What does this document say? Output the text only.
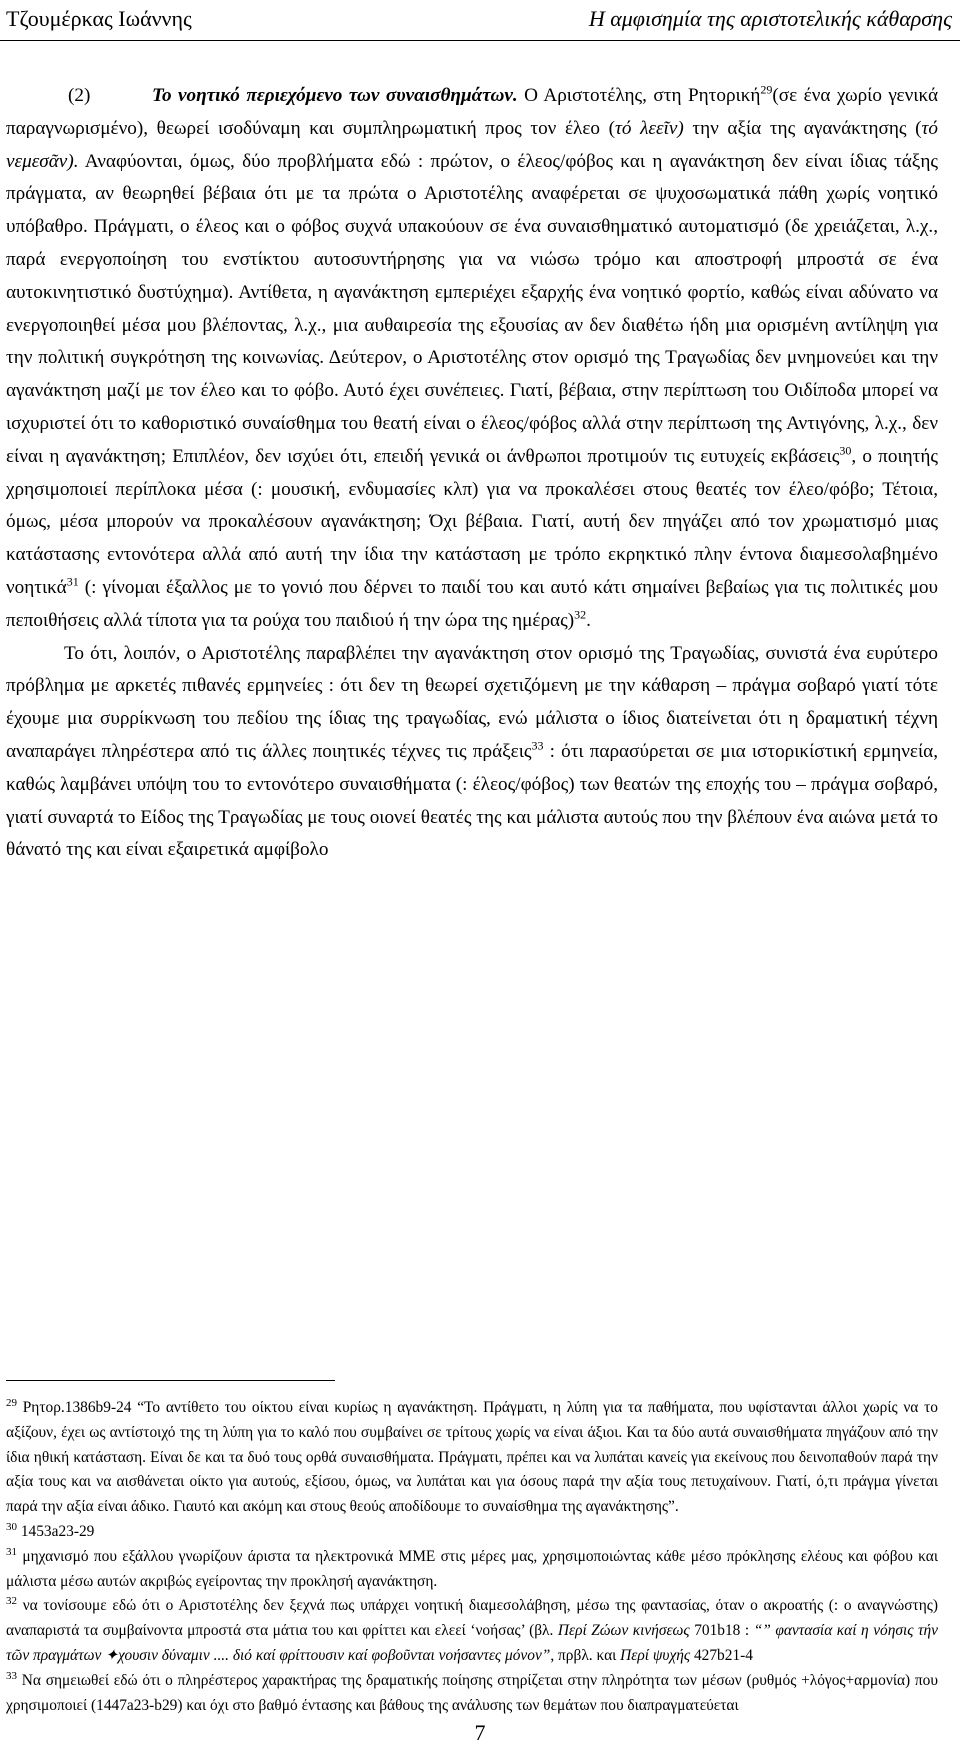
Τζουμέρκας Ιωάννης	Η αμφισημία της αριστοτελικής κάθαρσης

(2)	Το νοητικό περιεχόμενο των συναισθημάτων. Ο Αριστοτέλης, στη Ρητορική$^{29}$(σε ένα χωρίο γενικά παραγνωρισμένο), θεωρεί ισοδύναμη και συμπληρωματική προς τον έλεο (τό λεεῖν) την αξία της αγανάκτησης (τό νεμεσᾶν). Αναφύονται, όμως, δύο προβλήματα εδώ : πρώτον, ο έλεος/φόβος και η αγανάκτηση δεν είναι ίδιας τάξης πράγματα, αν θεωρηθεί βέβαια ότι με τα πρώτα ο Αριστοτέλης αναφέρεται σε ψυχοσωματικά πάθη χωρίς νοητικό υπόβαθρο. Πράγματι, ο έλεος και ο φόβος συχνά υπακούουν σε ένα συναισθηματικό αυτοματισμό (δε χρειάζεται, λ.χ., παρά ενεργοποίηση του ενστίκτου αυτοσυντήρησης για να νιώσω τρόμο και αποστροφή μπροστά σε ένα αυτοκινητιστικό δυστύχημα). Αντίθετα, η αγανάκτηση εμπεριέχει εξαρχής ένα νοητικό φορτίο, καθώς είναι αδύνατο να ενεργοποιηθεί μέσα μου βλέποντας, λ.χ., μια αυθαιρεσία της εξουσίας αν δεν διαθέτω ήδη μια ορισμένη αντίληψη για την πολιτική συγκρότηση της κοινωνίας. Δεύτερον, ο Αριστοτέλης στον ορισμό της Τραγωδίας δεν μνημονεύει και την αγανάκτηση μαζί με τον έλεο και το φόβο. Αυτό έχει συνέπειες. Γιατί, βέβαια, στην περίπτωση του Οιδίποδα μπορεί να ισχυριστεί ότι το καθοριστικό συναίσθημα του θεατή είναι ο έλεος/φόβος αλλά στην περίπτωση της Αντιγόνης, λ.χ., δεν είναι η αγανάκτηση; Επιπλέον, δεν ισχύει ότι, επειδή γενικά οι άνθρωποι προτιμούν τις ευτυχείς εκβάσεις$^{30}$, ο ποιητής χρησιμοποιεί περίπλοκα μέσα (: μουσική, ενδυμασίες κλπ) για να προκαλέσει στους θεατές τον έλεο/φόβο; Τέτοια, όμως, μέσα μπορούν να προκαλέσουν αγανάκτηση; Όχι βέβαια. Γιατί, αυτή δεν πηγάζει από τον χρωματισμό μιας κατάστασης εντονότερα αλλά από αυτή την ίδια την κατάσταση με τρόπο εκρηκτικό πλην έντονα διαμεσολαβημένο νοητικά$^{31}$ (: γίνομαι έξαλλος με το γονιό που δέρνει το παιδί του και αυτό κάτι σημαίνει βεβαίως για τις πολιτικές μου πεποιθήσεις αλλά τίποτα για τα ρούχα του παιδιού ή την ώρα της ημέρας)$^{32}$.

Το ότι, λοιπόν, ο Αριστοτέλης παραβλέπει την αγανάκτηση στον ορισμό της Τραγωδίας, συνιστά ένα ευρύτερο πρόβλημα με αρκετές πιθανές ερμηνείες : ότι δεν τη θεωρεί σχετιζόμενη με την κάθαρση – πράγμα σοβαρό γιατί τότε έχουμε μια συρρίκνωση του πεδίου της ίδιας της τραγωδίας, ενώ μάλιστα ο ίδιος διατείνεται ότι η δραματική τέχνη αναπαράγει πληρέστερα από τις άλλες ποιητικές τέχνες τις πράξεις$^{33}$ : ότι παρασύρεται σε μια ιστορικίστική ερμηνεία, καθώς λαμβάνει υπόψη του το εντονότερο συναισθήματα (: έλεος/φόβος) των θεατών της εποχής του – πράγμα σοβαρό, γιατί συναρτά το Είδος της Τραγωδίας με τους οιονεί θεατές της και μάλιστα αυτούς που την βλέπουν ένα αιώνα μετά το θάνατό της και είναι εξαιρετικά αμφίβολο

$^{29}$ Ρητορ.1386b9-24 “Το αντίθετο του οίκτου είναι κυρίως η αγανάκτηση. Πράγματι, η λύπη για τα παθήματα, που υφίστανται άλλοι χωρίς να το αξίζουν, έχει ως αντίστοιχό της τη λύπη για το καλό που συμβαίνει σε τρίτους χωρίς να είναι άξιοι. Και τα δύο αυτά συναισθήματα πηγάζουν από την ίδια ηθική κατάσταση. Είναι δε και τα δυό τους ορθά συναισθήματα. Πράγματι, πρέπει και να λυπάται κανείς για εκείνους που δεινοπαθούν παρά την αξία τους και να αισθάνεται οίκτο για αυτούς, εξίσου, όμως, να λυπάται και για όσους παρά την αξία τους πετυχαίνουν. Γιατί, ό,τι πράγμα γίνεται παρά την αξία είναι άδικο. Γιαυτό και ακόμη και στους θεούς αποδίδουμε το συναίσθημα της αγανάκτησης”.

$^{30}$ 1453a23-29

$^{31}$ μηχανισμό που εξάλλου γνωρίζουν άριστα τα ηλεκτρονικά ΜΜΕ στις μέρες μας, χρησιμοποιώντας κάθε μέσο πρόκλησης ελέους και φόβου και μάλιστα μέσω αυτών ακριβώς εγείροντας την προκλησή αγανάκτηση.

$^{32}$ να τονίσουμε εδώ ότι ο Αριστοτέλης δεν ξεχνά πως υπάρχει νοητική διαμεσολάβηση, μέσω της φαντασίας, όταν ο ακροατής (: ο αναγνώστης) αναπαριστά τα συμβαίνοντα μπροστά στα μάτια του και φρίττει και ελεεί ‘νοήσας’ (βλ. Περί Ζώων κινήσεως 701b18 : “” φαντασία καί η νόησις τήν τῶν πραγμάτων ✦χουσιν δύναμιν .... διό καί φρίττουσιν καί φοβοῦνται νοήσαντες μόνον”, πρβλ. και Περί ψυχής 427b21-4

$^{33}$ Να σημειωθεί εδώ ότι ο πληρέστερος χαρακτήρας της δραματικής ποίησης στηρίζεται στην πληρότητα των μέσων (ρυθμός +λόγος+αρμονία) που χρησιμοποιεί (1447a23-b29) και όχι στο βαθμό έντασης και βάθους της ανάλυσης των θεμάτων που διαπραγματεύεται

7
